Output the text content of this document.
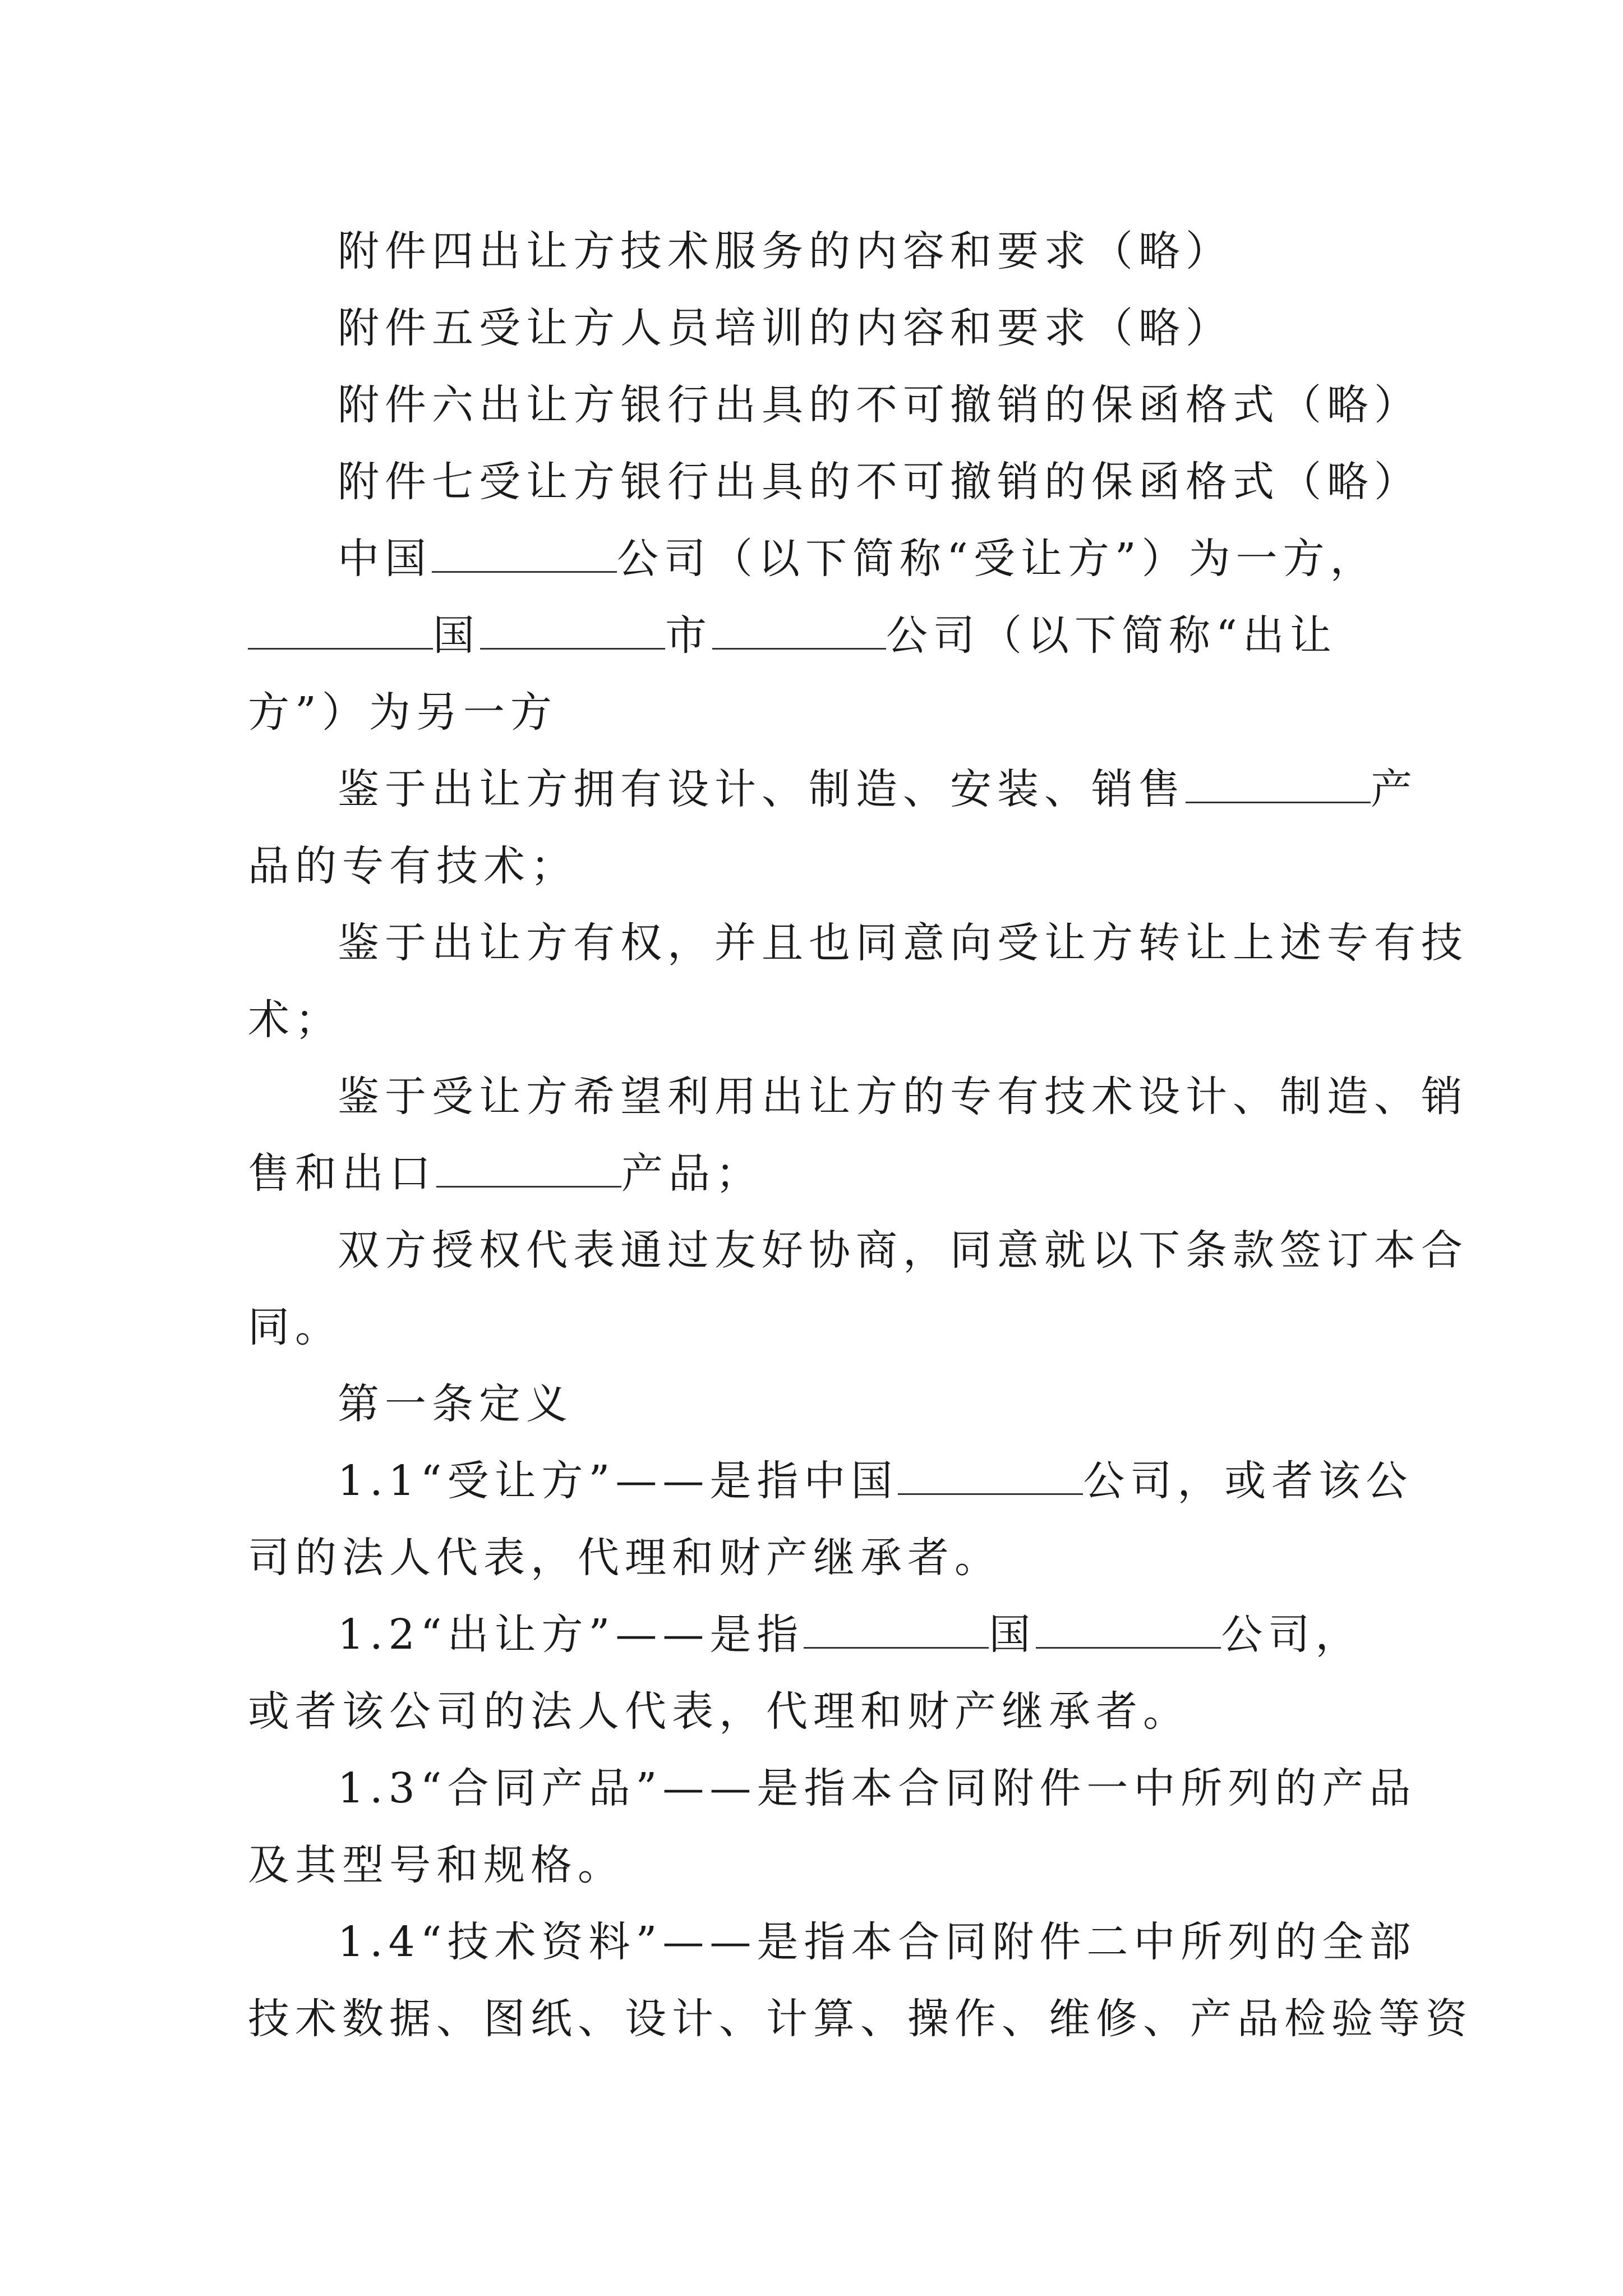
附件四出让方技术服务的内容和要求（略）
附件五受让方人员培训的内容和要求（略）
附件六出让方银行出具的不可撤销的保函格式（略）
附件七受让方银行出具的不可撤销的保函格式（略）
中国	公司（以下简称“受让方”）为一方，
国	市	公司（以下简称“出让
方”）为另一方
鉴于出让方拥有设计、制造、安装、销售	产
品的专有技术；
鉴于出让方有权，并且也同意向受让方转让上述专有技
术；
鉴于受让方希望利用出让方的专有技术设计、制造、销
售和出口	产品；
双方授权代表通过友好协商，同意就以下条款签订本合
同。
第一条定义
1.1“受让方”——是指中国	公司，或者该公
司的法人代表，代理和财产继承者。
1.2“出让方”——是指	国	公司，
或者该公司的法人代表，代理和财产继承者。
1.3“合同产品”——是指本合同附件一中所列的产品
及其型号和规格。
1.4“技术资料”——是指本合同附件二中所列的全部
技术数据、图纸、设计、计算、操作、维修、产品检验等资
